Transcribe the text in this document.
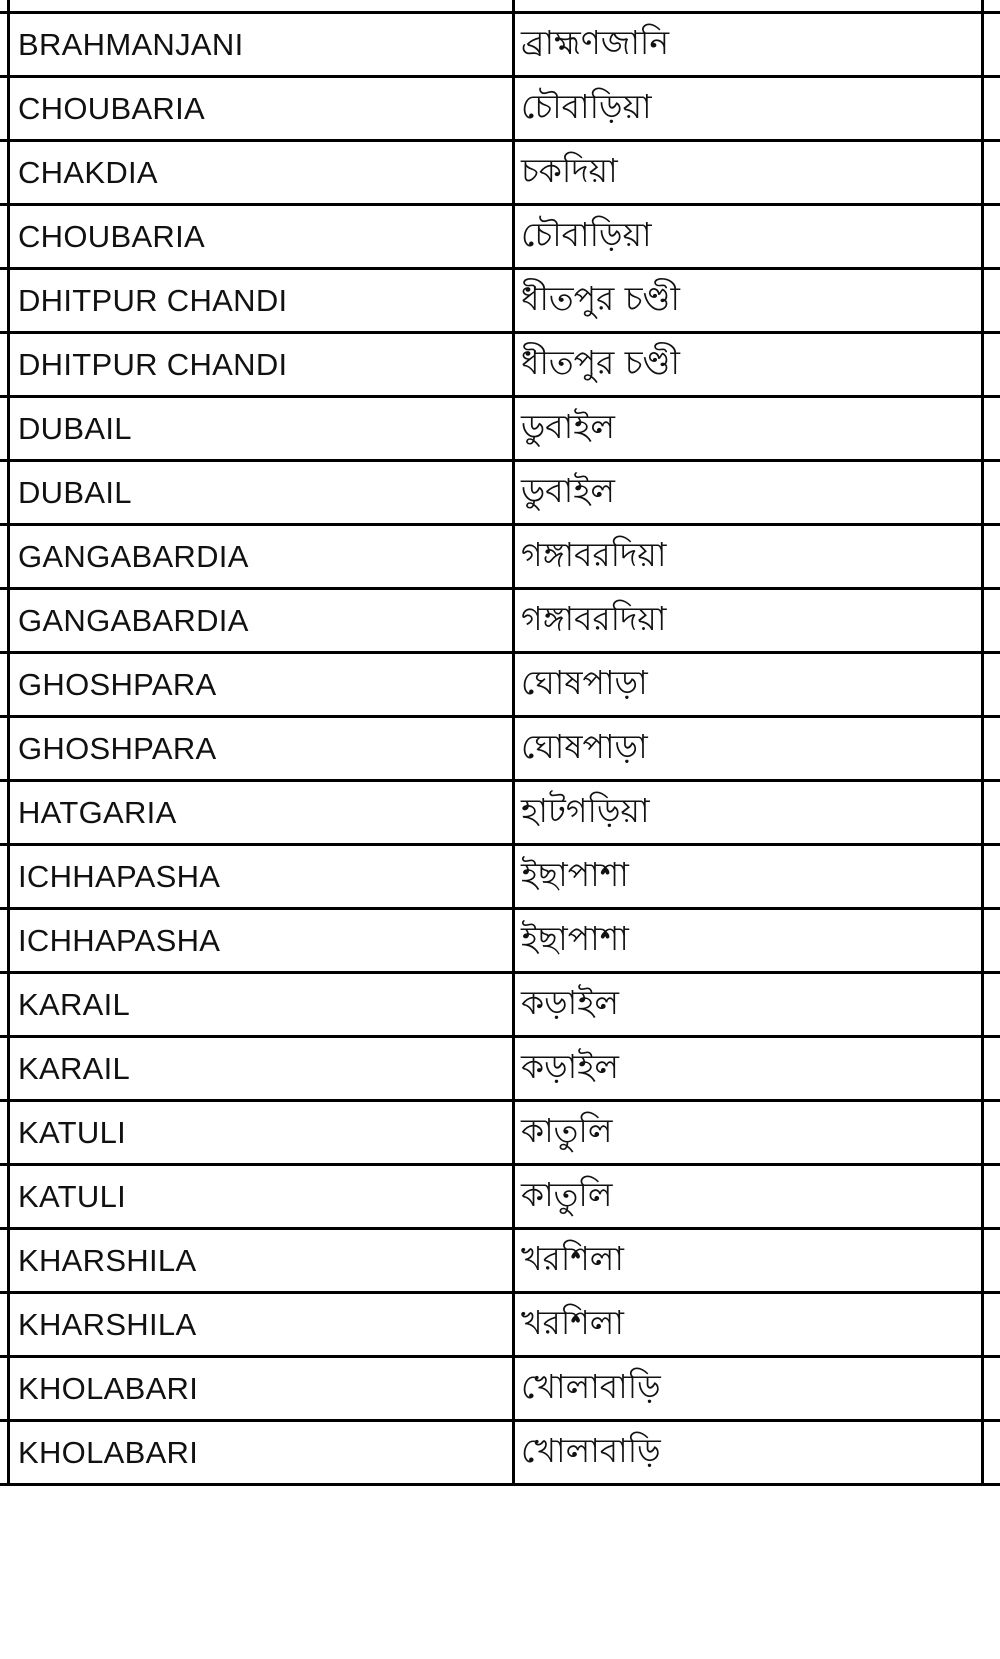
	BRAHMANJANI	ব্রাহ্মণজানি	
	CHOUBARIA	চৌবাড়িয়া	
	CHAKDIA	চকদিয়া	
	CHOUBARIA	চৌবাড়িয়া	
	DHITPUR CHANDI	ধীতপুর চণ্ডী	
	DHITPUR CHANDI	ধীতপুর চণ্ডী	
	DUBAIL	ডুবাইল	
	DUBAIL	ডুবাইল	
	GANGABARDIA	গঙ্গাবরদিয়া	
	GANGABARDIA	গঙ্গাবরদিয়া	
	GHOSHPARA	ঘোষপাড়া	
	GHOSHPARA	ঘোষপাড়া	
	HATGARIA	হাটগড়িয়া	
	ICHHAPASHA	ইছাপাশা	
	ICHHAPASHA	ইছাপাশা	
	KARAIL	কড়াইল	
	KARAIL	কড়াইল	
	KATULI	কাতুলি	
	KATULI	কাতুলি	
	KHARSHILA	খরশিলা	
	KHARSHILA	খরশিলা	
	KHOLABARI	খোলাবাড়ি	
	KHOLABARI	খোলাবাড়ি	
